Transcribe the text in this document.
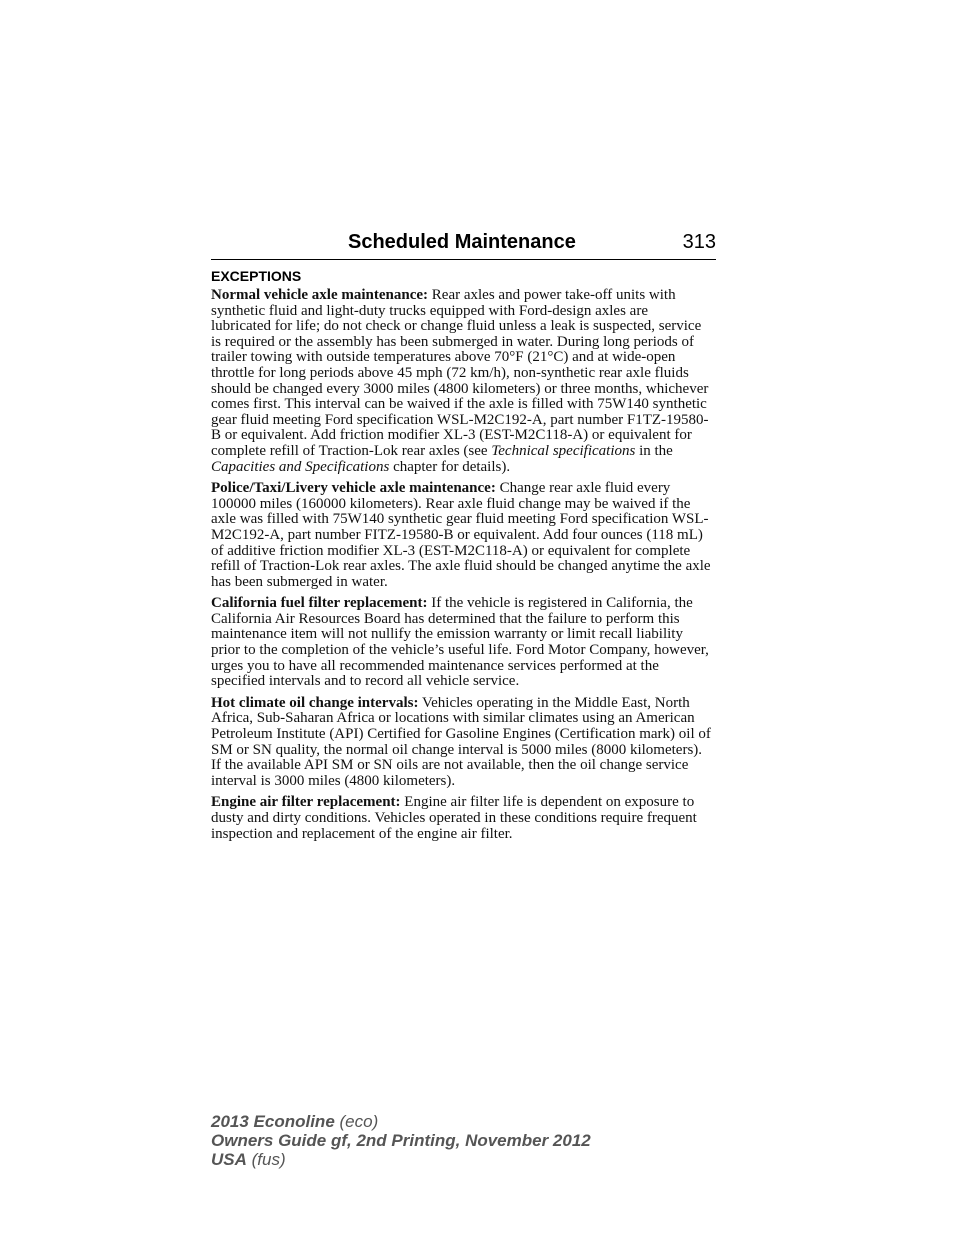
Scheduled Maintenance	313
EXCEPTIONS

Normal vehicle axle maintenance: Rear axles and power take-off units with synthetic fluid and light-duty trucks equipped with Ford-design axles are lubricated for life; do not check or change fluid unless a leak is suspected, service is required or the assembly has been submerged in water. During long periods of trailer towing with outside temperatures above 70°F (21°C) and at wide-open throttle for long periods above 45 mph (72 km/h), non-synthetic rear axle fluids should be changed every 3000 miles (4800 kilometers) or three months, whichever comes first. This interval can be waived if the axle is filled with 75W140 synthetic gear fluid meeting Ford specification WSL-M2C192-A, part number F1TZ-19580-B or equivalent. Add friction modifier XL-3 (EST-M2C118-A) or equivalent for complete refill of Traction-Lok rear axles (see Technical specifications in the Capacities and Specifications chapter for details).

Police/Taxi/Livery vehicle axle maintenance: Change rear axle fluid every 100000 miles (160000 kilometers). Rear axle fluid change may be waived if the axle was filled with 75W140 synthetic gear fluid meeting Ford specification WSL-M2C192-A, part number FITZ-19580-B or equivalent. Add four ounces (118 mL) of additive friction modifier XL-3 (EST-M2C118-A) or equivalent for complete refill of Traction-Lok rear axles. The axle fluid should be changed anytime the axle has been submerged in water.

California fuel filter replacement: If the vehicle is registered in California, the California Air Resources Board has determined that the failure to perform this maintenance item will not nullify the emission warranty or limit recall liability prior to the completion of the vehicle’s useful life. Ford Motor Company, however, urges you to have all recommended maintenance services performed at the specified intervals and to record all vehicle service.

Hot climate oil change intervals: Vehicles operating in the Middle East, North Africa, Sub-Saharan Africa or locations with similar climates using an American Petroleum Institute (API) Certified for Gasoline Engines (Certification mark) oil of SM or SN quality, the normal oil change interval is 5000 miles (8000 kilometers).

If the available API SM or SN oils are not available, then the oil change service interval is 3000 miles (4800 kilometers).

Engine air filter replacement: Engine air filter life is dependent on exposure to dusty and dirty conditions. Vehicles operated in these conditions require frequent inspection and replacement of the engine air filter.

2013 Econoline (eco)
Owners Guide gf, 2nd Printing, November 2012
USA (fus)
